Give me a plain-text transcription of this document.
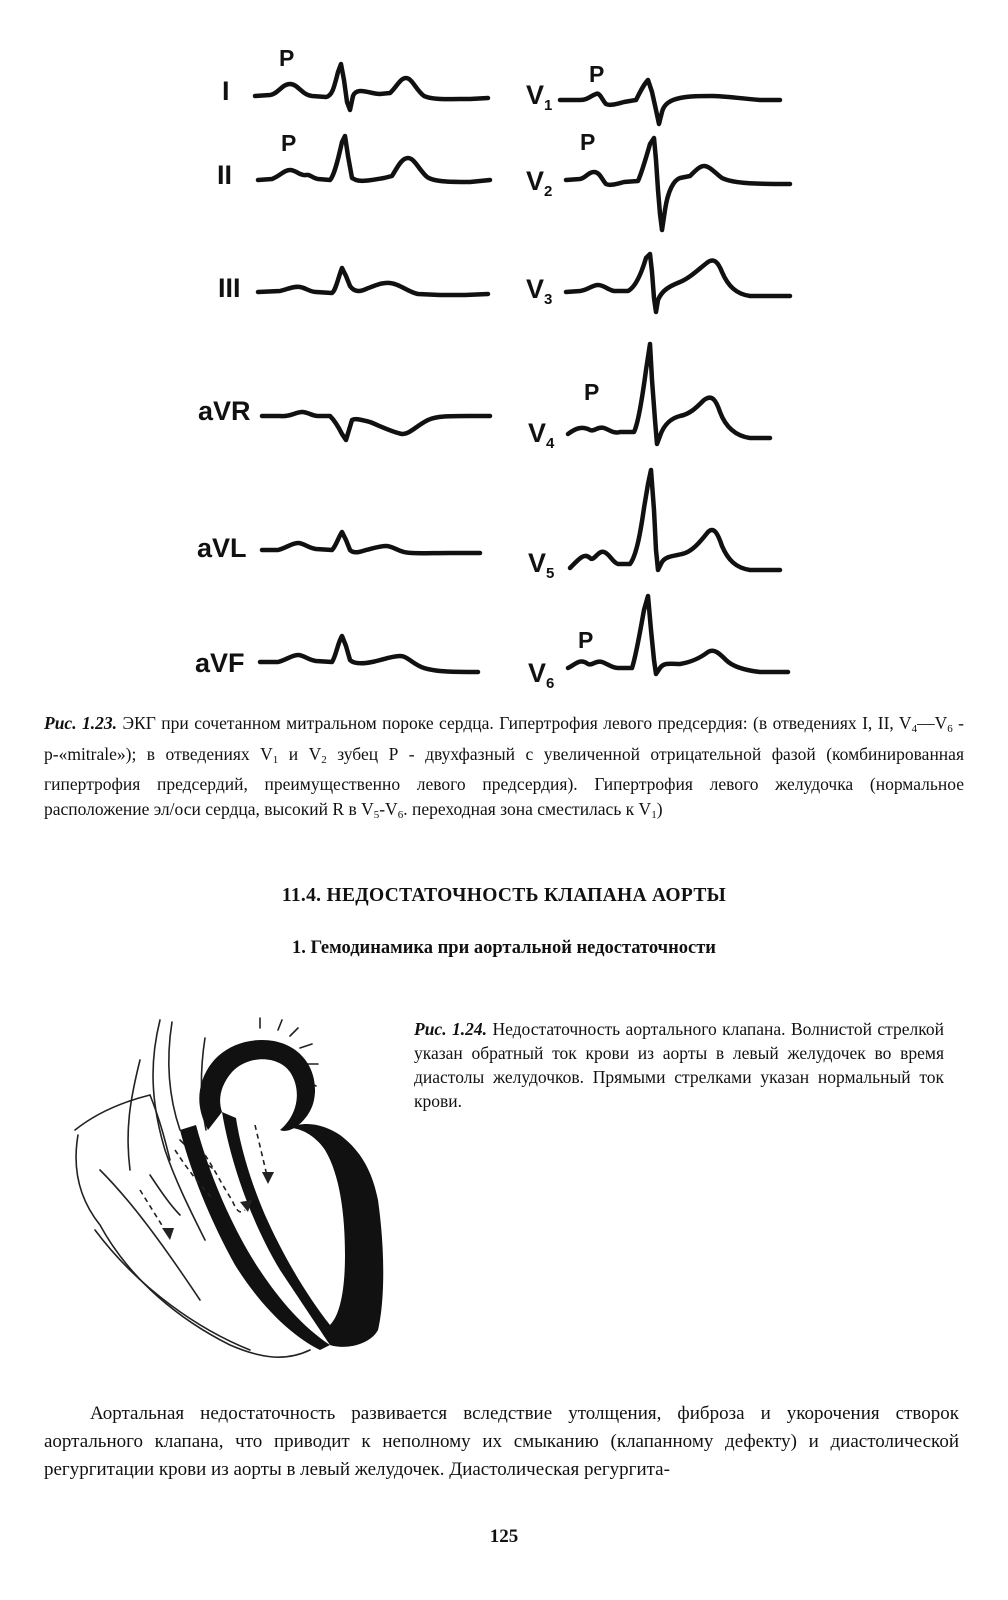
I
II
III
aVR
aVL
aVF
$V_1$
$V_2$
$V_3$
$V_4$
$V_5$
$V_6$
P
P
P
P
P
P
Рис. 1.23. ЭКГ при сочетанном митральном пороке сердца. Гипертрофия левого предсердия: (в отведениях I, II, $V_4—V_6$ - p-«mitrale»); в отведениях $V_1$ и $V_2$ зубец Р - двухфазный с увеличенной отрицательной фазой (комбинированная гипертрофия предсердий, преимущественно левого предсердия). Гипертрофия левого желудочка (нормальное расположение эл/оси сердца, высокий R в $V_5-V_6$. переходная зона сместилась к $V_1$)
11.4. НЕДОСТАТОЧНОСТЬ КЛАПАНА АОРТЫ
1. Гемодинамика при аортальной недостаточности
Рис. 1.24. Недостаточность аортального клапана. Волнистой стрелкой указан обратный ток крови из аорты в левый желудочек во время диастолы желудочков. Прямыми стрелками указан нормальный ток крови.
Аортальная недостаточность развивается вследствие утолщения, фиброза и укорочения створок аортального клапана, что приводит к неполному их смыканию (клапанному дефекту) и диастолической регургитации крови из аорты в левый желудочек. Диастолическая регургита-
125
